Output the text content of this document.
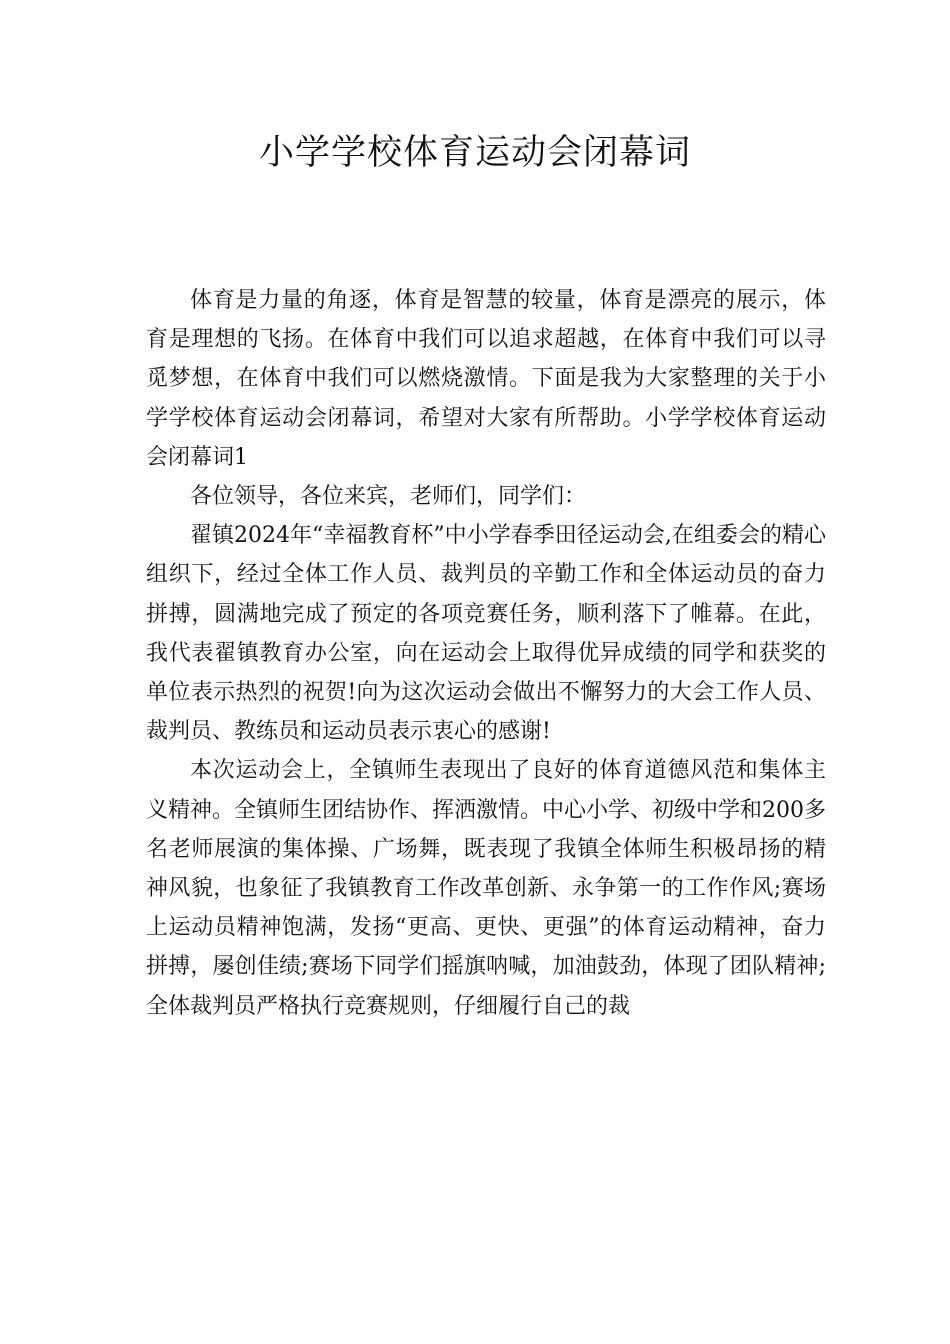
小学学校体育运动会闭幕词

体育是力量的角逐，体育是智慧的较量，体育是漂亮的展示，体育是理想的飞扬。在体育中我们可以追求超越，在体育中我们可以寻觅梦想，在体育中我们可以燃烧激情。下面是我为大家整理的关于小学学校体育运动会闭幕词，希望对大家有所帮助。小学学校体育运动会闭幕词1

各位领导，各位来宾，老师们，同学们：

翟镇2024年“幸福教育杯”中小学春季田径运动会,在组委会的精心组织下，经过全体工作人员、裁判员的辛勤工作和全体运动员的奋力拼搏，圆满地完成了预定的各项竞赛任务，顺利落下了帷幕。在此，我代表翟镇教育办公室，向在运动会上取得优异成绩的同学和获奖的单位表示热烈的祝贺!向为这次运动会做出不懈努力的大会工作人员、裁判员、教练员和运动员表示衷心的感谢!

本次运动会上，全镇师生表现出了良好的体育道德风范和集体主义精神。全镇师生团结协作、挥洒激情。中心小学、初级中学和200多名老师展演的集体操、广场舞，既表现了我镇全体师生积极昂扬的精神风貌，也象征了我镇教育工作改革创新、永争第一的工作作风;赛场上运动员精神饱满，发扬“更高、更快、更强”的体育运动精神，奋力拼搏，屡创佳绩;赛场下同学们摇旗呐喊，加油鼓劲，体现了团队精神;全体裁判员严格执行竞赛规则，仔细履行自己的裁
